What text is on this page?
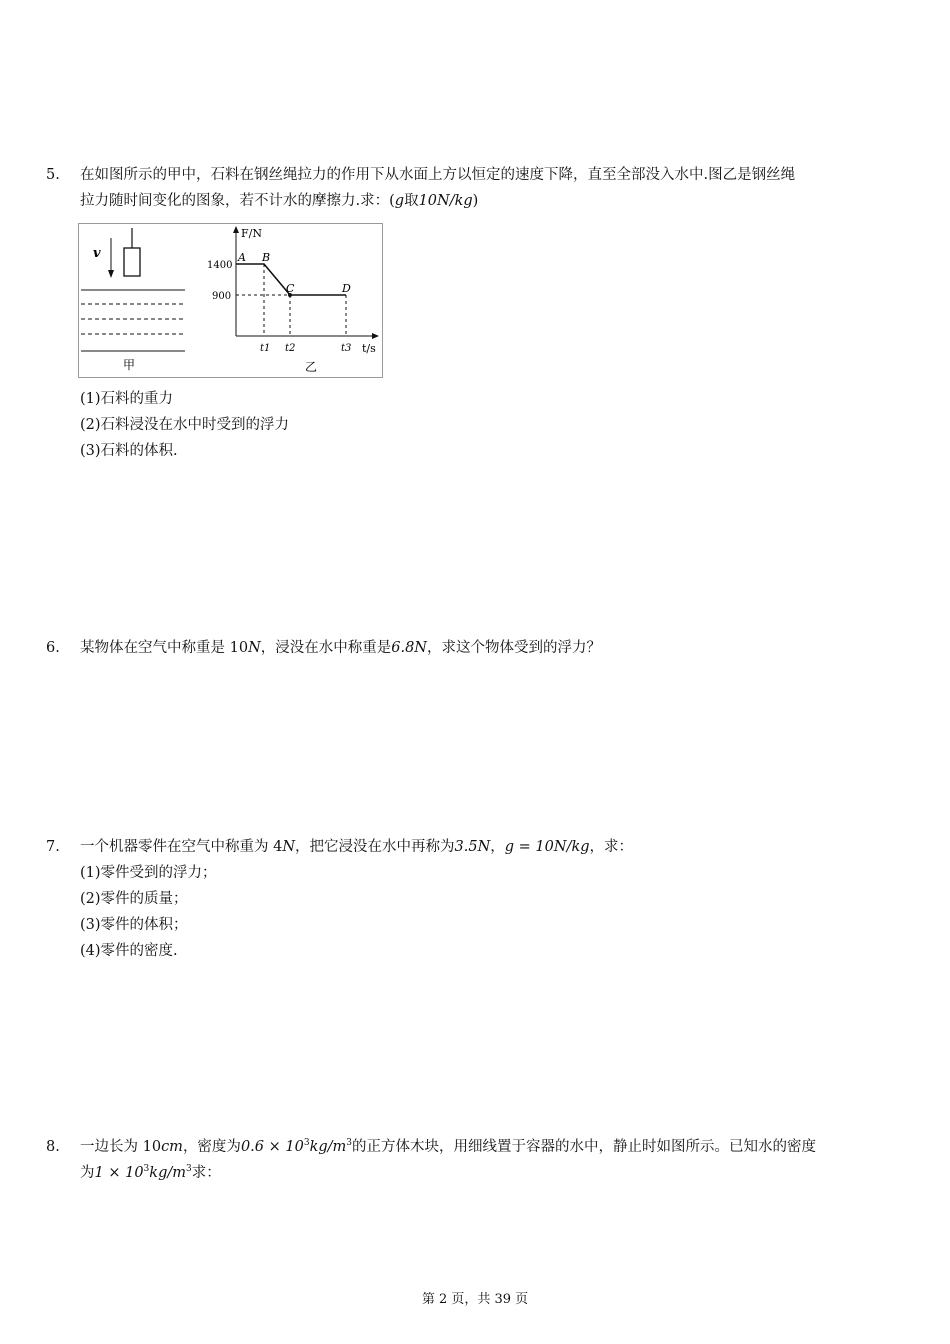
5. 在如图所示的甲中，石料在钢丝绳拉力的作用下从水面上方以恒定的速度下降，直至全部没入水中.图乙是钢丝绳
拉力随时间变化的图象，若不计水的摩擦力.求：(g取10N/kg)
v
甲
F/N
t/s
1400
900
A B
C	D
t1 t2	t3
乙
(1)石料的重力
(2)石料浸没在水中时受到的浮力
(3)石料的体积.
6. 某物体在空气中称重是 10N，浸没在水中称重是6.8N，求这个物体受到的浮力？
7. 一个机器零件在空气中称重为 4N，把它浸没在水中再称为3.5N，g = 10N/kg，求：
(1)零件受到的浮力；
(2)零件的质量；
(3)零件的体积；
(4)零件的密度.
8. 一边长为 10cm，密度为$0.6 \times 10^3kg/m^3$的正方体木块，用细线置于容器的水中，静止时如图所示。已知水的密度
为$1 \times 10^3kg/m^3$求：
第 2 页，共 39 页
